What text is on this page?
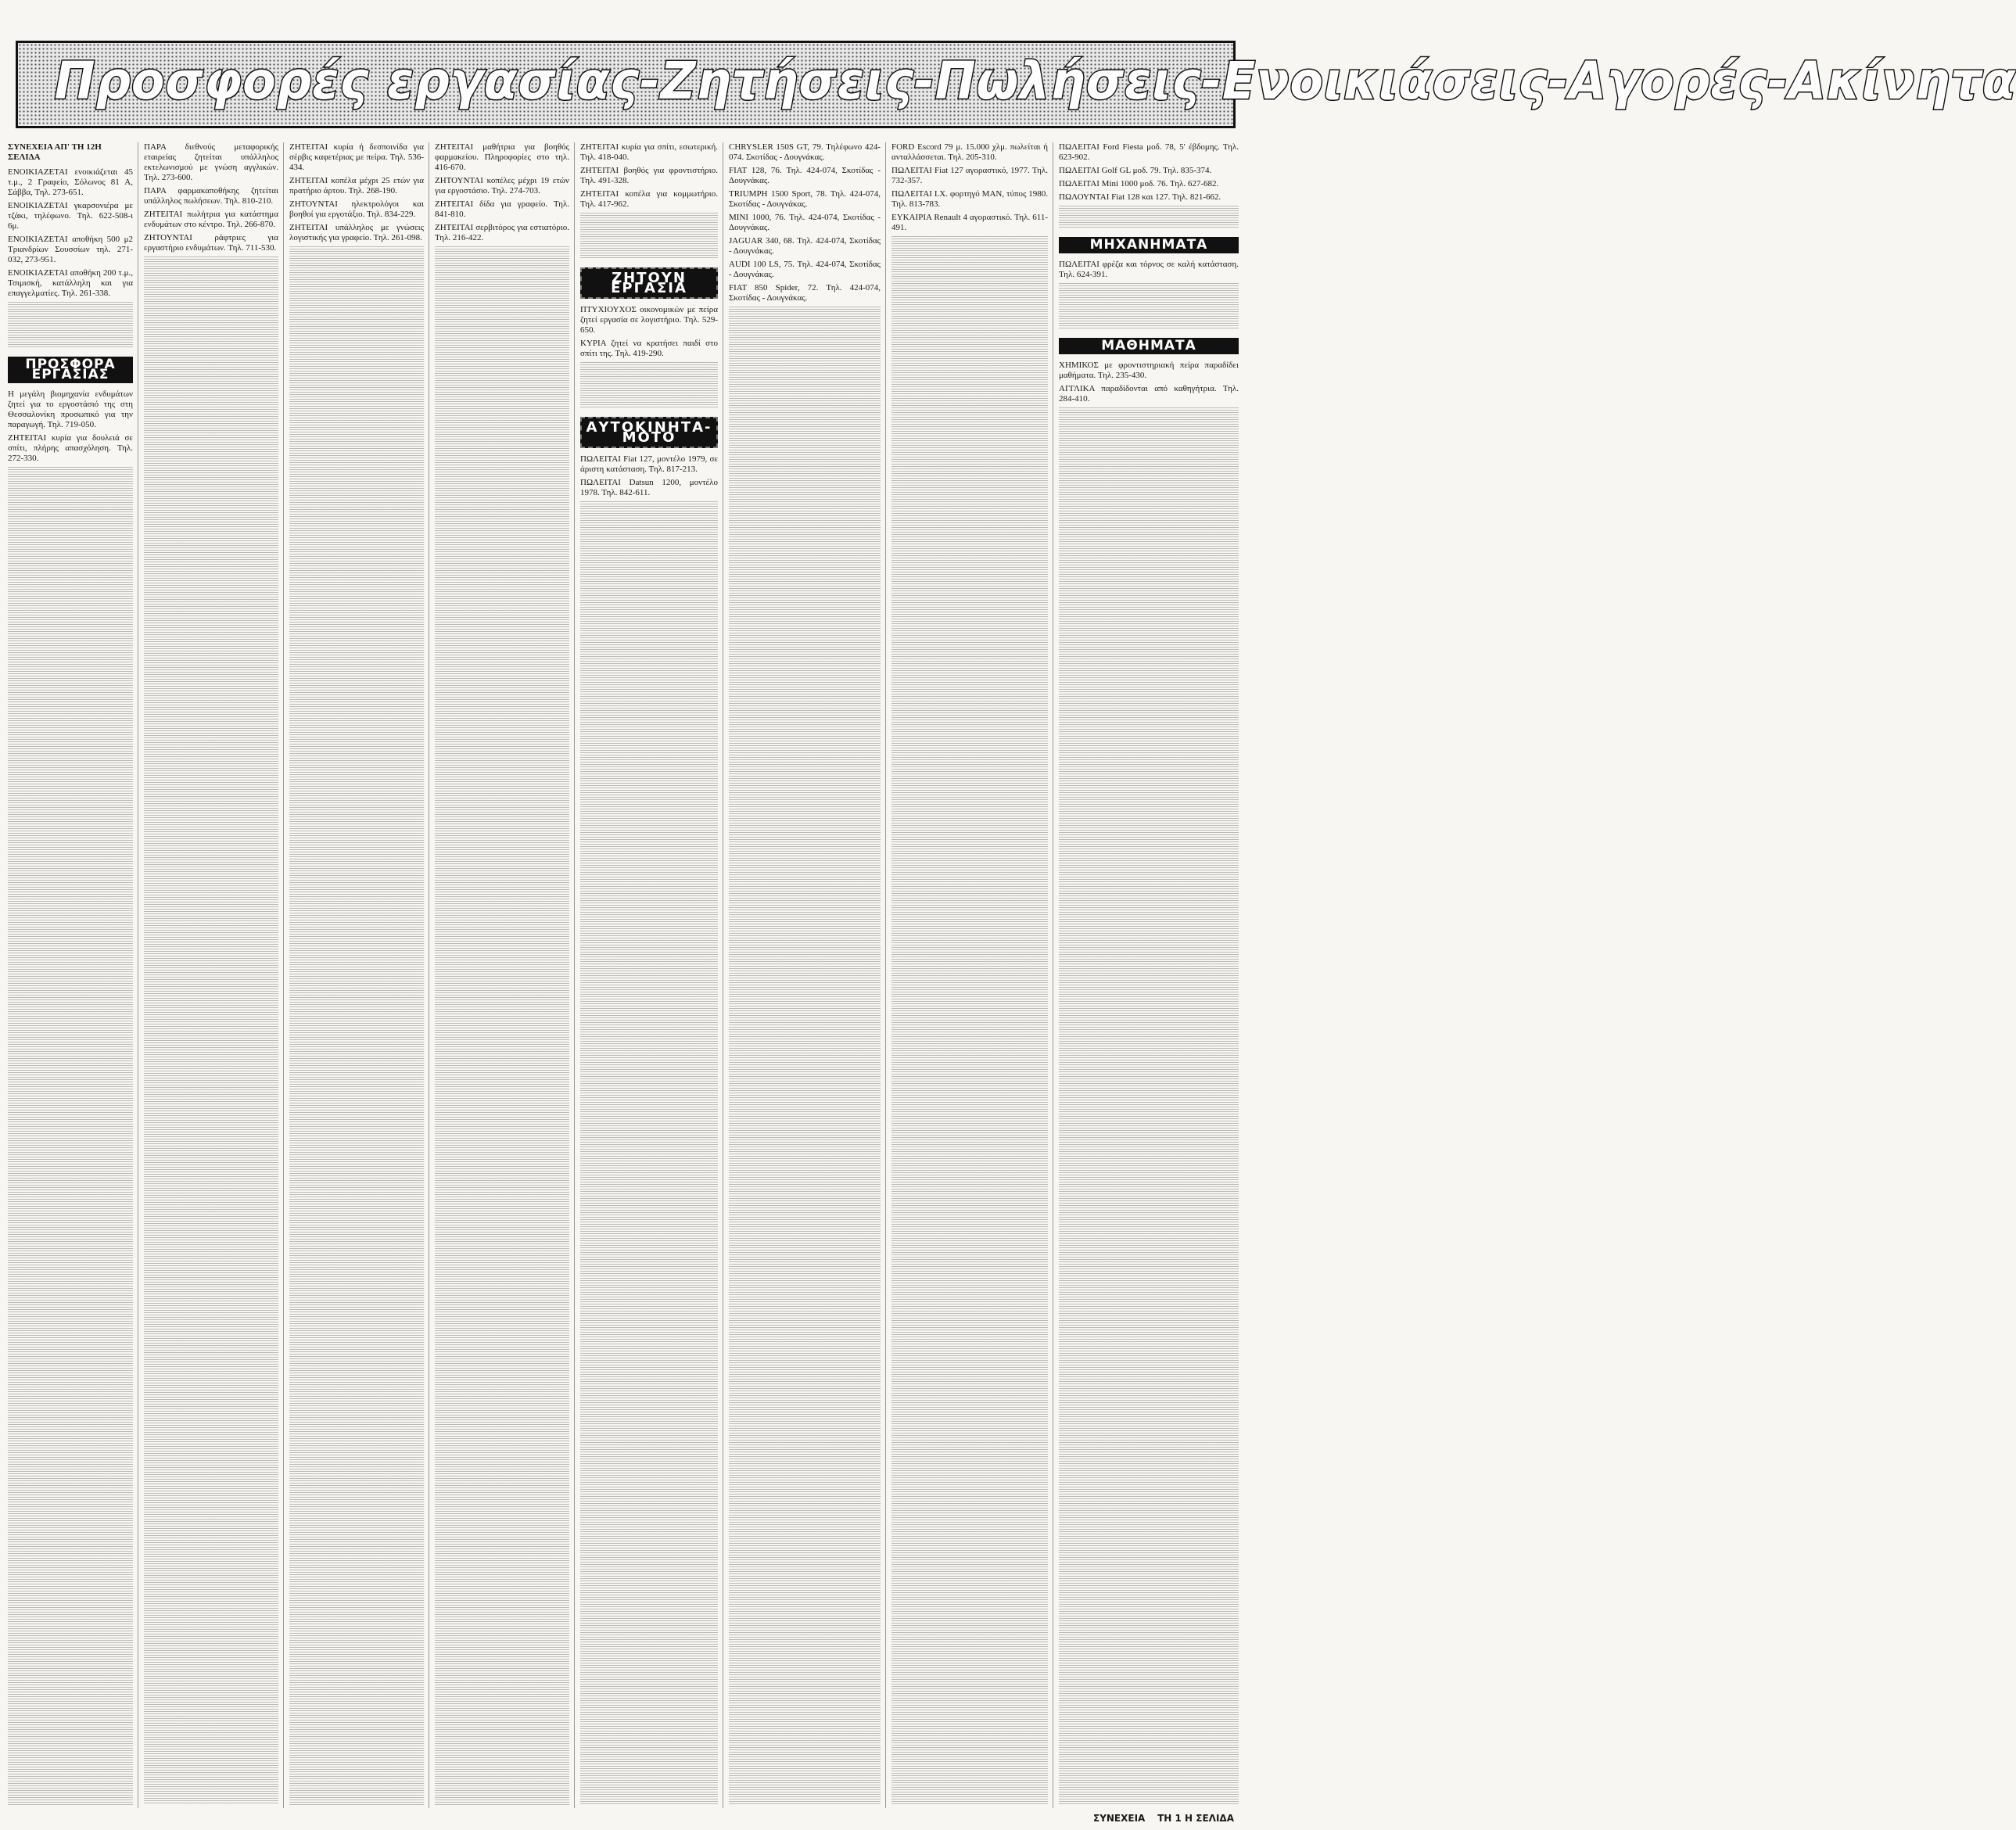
Προσφορές εργασίας-Ζητήσεις-Πωλήσεις-Ενοικιάσεις-Αγορές-Ακίνητα

ΣΥΝΕΧΕΙΑ ΑΠ' ΤΗ 12Η ΣΕΛΙΔΑ

ΕΝΟΙΚΙΑΖΕΤΑΙ ενοικιάζεται 45 τ.μ., 2 Γραφείο, Σόλωνος 81 Α, Σάββα, Τηλ. 273-651.

ΕΝΟΙΚΙΑΖΕΤΑΙ γκαρσονιέρα με τζάκι, τηλέφωνο. Τηλ. 622-508-ι 6μ.

ΕΝΟΙΚΙΑΖΕΤΑΙ αποθήκη 500 μ2 Τριανδρίων Σουσσίων τηλ. 271-032, 273-951.

ΕΝΟΙΚΙΑΖΕΤΑΙ αποθήκη 200 τ.μ., Τσιμισκή, κατάλληλη και για επαγγελματίες. Τηλ. 261-338.

ΠΡΟΣΦΟΡΑ ΕΡΓΑΣΙΑΣ

Η μεγάλη βιομηχανία ενδυμάτων ζητεί για το εργοστάσιό της στη Θεσσαλονίκη προσωπικό για την παραγωγή. Τηλ. 719-050.

ΖΗΤΕΙΤΑΙ κυρία για δουλειά σε σπίτι, πλήρης απασχόληση. Τηλ. 272-330.

ΠΑΡΑ διεθνούς μεταφορικής εταιρείας ζητείται υπάλληλος εκτελωνισμού με γνώση αγγλικών. Τηλ. 273-600.

ΠΑΡΑ φαρμακαποθήκης ζητείται υπάλληλος πωλήσεων. Τηλ. 810-210.

ΖΗΤΕΙΤΑΙ πωλήτρια για κατάστημα ενδυμάτων στο κέντρο. Τηλ. 266-870.

ΖΗΤΟΥΝΤΑΙ ράφτριες για εργαστήριο ενδυμάτων. Τηλ. 711-530.

ΖΗΤΕΙΤΑΙ κυρία ή δεσποινίδα για σέρβις καφετέριας με πείρα. Τηλ. 536-434.

ΖΗΤΕΙΤΑΙ κοπέλα μέχρι 25 ετών για πρατήριο άρτου. Τηλ. 268-190.

ΖΗΤΟΥΝΤΑΙ ηλεκτρολόγοι και βοηθοί για εργοτάξιο. Τηλ. 834-229.

ΖΗΤΕΙΤΑΙ υπάλληλος με γνώσεις λογιστικής για γραφείο. Τηλ. 261-098.

ΖΗΤΕΙΤΑΙ μαθήτρια για βοηθός φαρμακείου. Πληροφορίες στο τηλ. 416-670.

ΖΗΤΟΥΝΤΑΙ κοπέλες μέχρι 19 ετών για εργοστάσιο. Τηλ. 274-703.

ΖΗΤΕΙΤΑΙ δίδα για γραφείο. Τηλ. 841-810.

ΖΗΤΕΙΤΑΙ σερβιτόρος για εστιατόριο. Τηλ. 216-422.

ΖΗΤΕΙΤΑΙ κυρία για σπίτι, εσωτερική. Τηλ. 418-040.

ΖΗΤΕΙΤΑΙ βοηθός για φροντιστήριο. Τηλ. 491-328.

ΖΗΤΕΙΤΑΙ κοπέλα για κομμωτήριο. Τηλ. 417-962.

ΖΗΤΟΥΝ ΕΡΓΑΣΙΑ

ΠΤΥΧΙΟΥΧΟΣ οικονομικών με πείρα ζητεί εργασία σε λογιστήριο. Τηλ. 529-650.

ΚΥΡΙΑ ζητεί να κρατήσει παιδί στο σπίτι της. Τηλ. 419-290.

ΑΥΤΟΚΙΝΗΤΑ-ΜΟΤΟ

ΠΩΛΕΙΤΑΙ Fiat 127, μοντέλο 1979, σε άριστη κατάσταση. Τηλ. 817-213.

ΠΩΛΕΙΤΑΙ Datsun 1200, μοντέλο 1978. Τηλ. 842-611.

CHRYSLER 150S GT, 79. Τηλέφωνο 424-074. Σκοτίδας - Δουγνάκας.

FIAT 128, 76. Τηλ. 424-074, Σκοτίδας - Δουγνάκας.

TRIUMPH 1500 Sport, 78. Τηλ. 424-074, Σκοτίδας - Δουγνάκας.

MINI 1000, 76. Τηλ. 424-074, Σκοτίδας - Δουγνάκας.

JAGUAR 340, 68. Τηλ. 424-074, Σκοτίδας - Δουγνάκας.

AUDI 100 LS, 75. Τηλ. 424-074, Σκοτίδας - Δουγνάκας.

FIAT 850 Spider, 72. Τηλ. 424-074, Σκοτίδας - Δουγνάκας.

FORD Escord 79 μ. 15.000 χλμ. πωλείται ή ανταλλάσσεται. Τηλ. 205-310.

ΠΩΛΕΙΤΑΙ Fiat 127 αγοραστικό, 1977. Τηλ. 732-357.

ΠΩΛΕΙΤΑΙ Ι.Χ. φορτηγό MAN, τύπος 1980. Τηλ. 813-783.

ΕΥΚΑΙΡΙΑ Renault 4 αγοραστικό. Τηλ. 611-491.

ΠΩΛΕΙΤΑΙ Ford Fiesta μοδ. 78, 5' έβδομης. Τηλ. 623-902.

ΠΩΛΕΙΤΑΙ Golf GL μοδ. 79. Τηλ. 835-374.

ΠΩΛΕΙΤΑΙ Mini 1000 μοδ. 76. Τηλ. 627-682.

ΠΩΛΟΥΝΤΑΙ Fiat 128 και 127. Τηλ. 821-662.

ΜΗΧΑΝΗΜΑΤΑ

ΠΩΛΕΙΤΑΙ φρέζα και τόρνος σε καλή κατάσταση. Τηλ. 624-391.

ΜΑΘΗΜΑΤΑ

ΧΗΜΙΚΟΣ με φροντιστηριακή πείρα παραδίδει μαθήματα. Τηλ. 235-430.

ΑΓΓΛΙΚΑ παραδίδονται από καθηγήτρια. Τηλ. 284-410.

ΣΥΝΕΧΕΙΑ ΤΗ 1 Η ΣΕΛΙΔΑ
